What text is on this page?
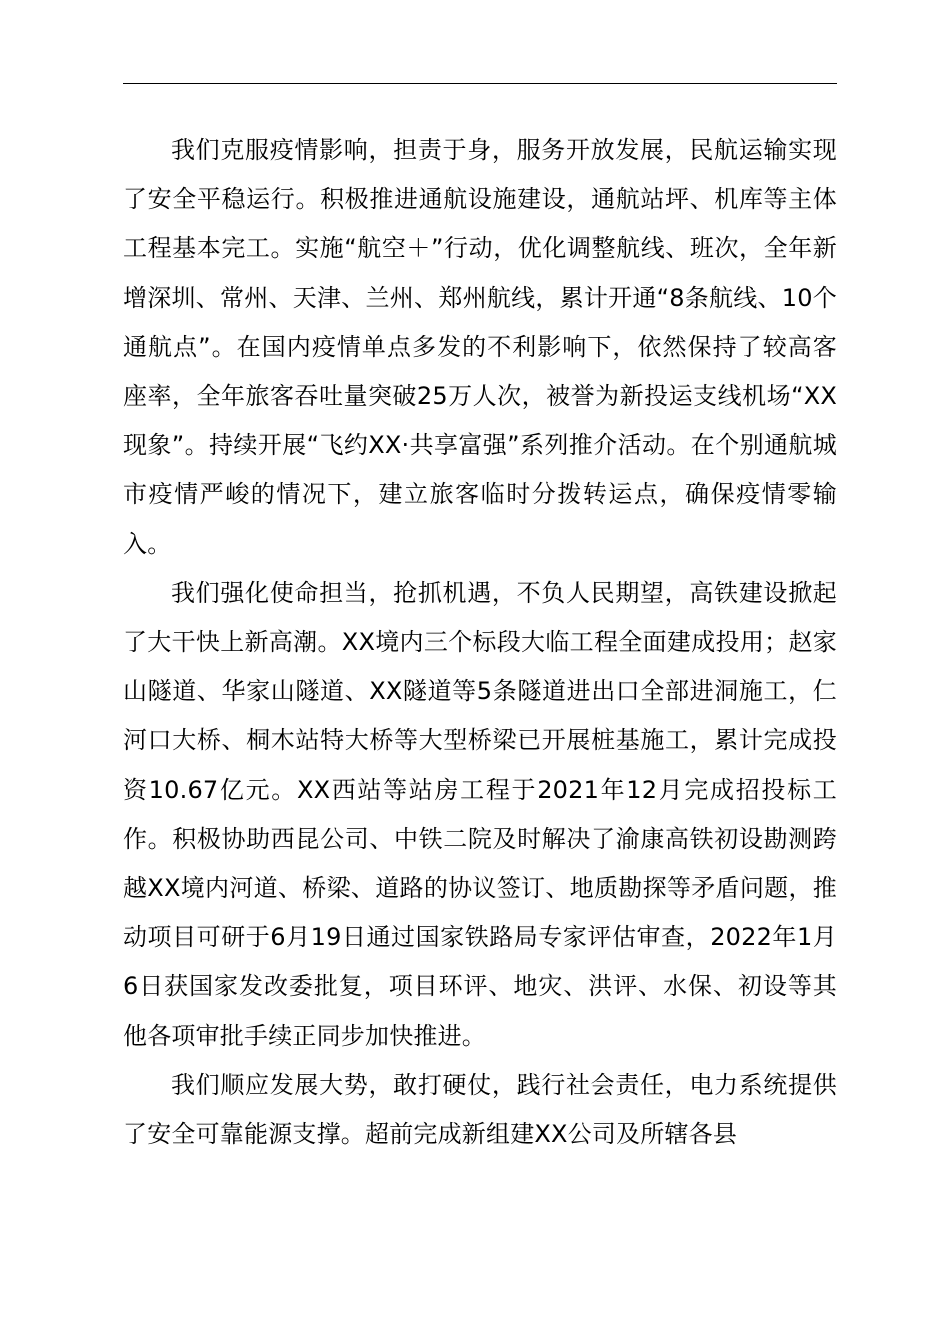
我们克服疫情影响，担责于身，服务开放发展，民航运输实现了安全平稳运行。积极推进通航设施建设，通航站坪、机库等主体工程基本完工。实施“航空＋”行动，优化调整航线、班次，全年新增深圳、常州、天津、兰州、郑州航线，累计开通“8条航线、10个通航点”。在国内疫情单点多发的不利影响下，依然保持了较高客座率，全年旅客吞吐量突破25万人次，被誉为新投运支线机场“XX现象”。持续开展“飞约XX·共享富强”系列推介活动。在个别通航城市疫情严峻的情况下，建立旅客临时分拨转运点，确保疫情零输入。

我们强化使命担当，抢抓机遇，不负人民期望，高铁建设掀起了大干快上新高潮。XX境内三个标段大临工程全面建成投用；赵家山隧道、华家山隧道、XX隧道等5条隧道进出口全部进洞施工，仁河口大桥、桐木站特大桥等大型桥梁已开展桩基施工，累计完成投资10.67亿元。XX西站等站房工程于2021年12月完成招投标工作。积极协助西昆公司、中铁二院及时解决了渝康高铁初设勘测跨越XX境内河道、桥梁、道路的协议签订、地质勘探等矛盾问题，推动项目可研于6月19日通过国家铁路局专家评估审查，2022年1月6日获国家发改委批复，项目环评、地灾、洪评、水保、初设等其他各项审批手续正同步加快推进。

我们顺应发展大势，敢打硬仗，践行社会责任，电力系统提供了安全可靠能源支撑。超前完成新组建XX公司及所辖各县
